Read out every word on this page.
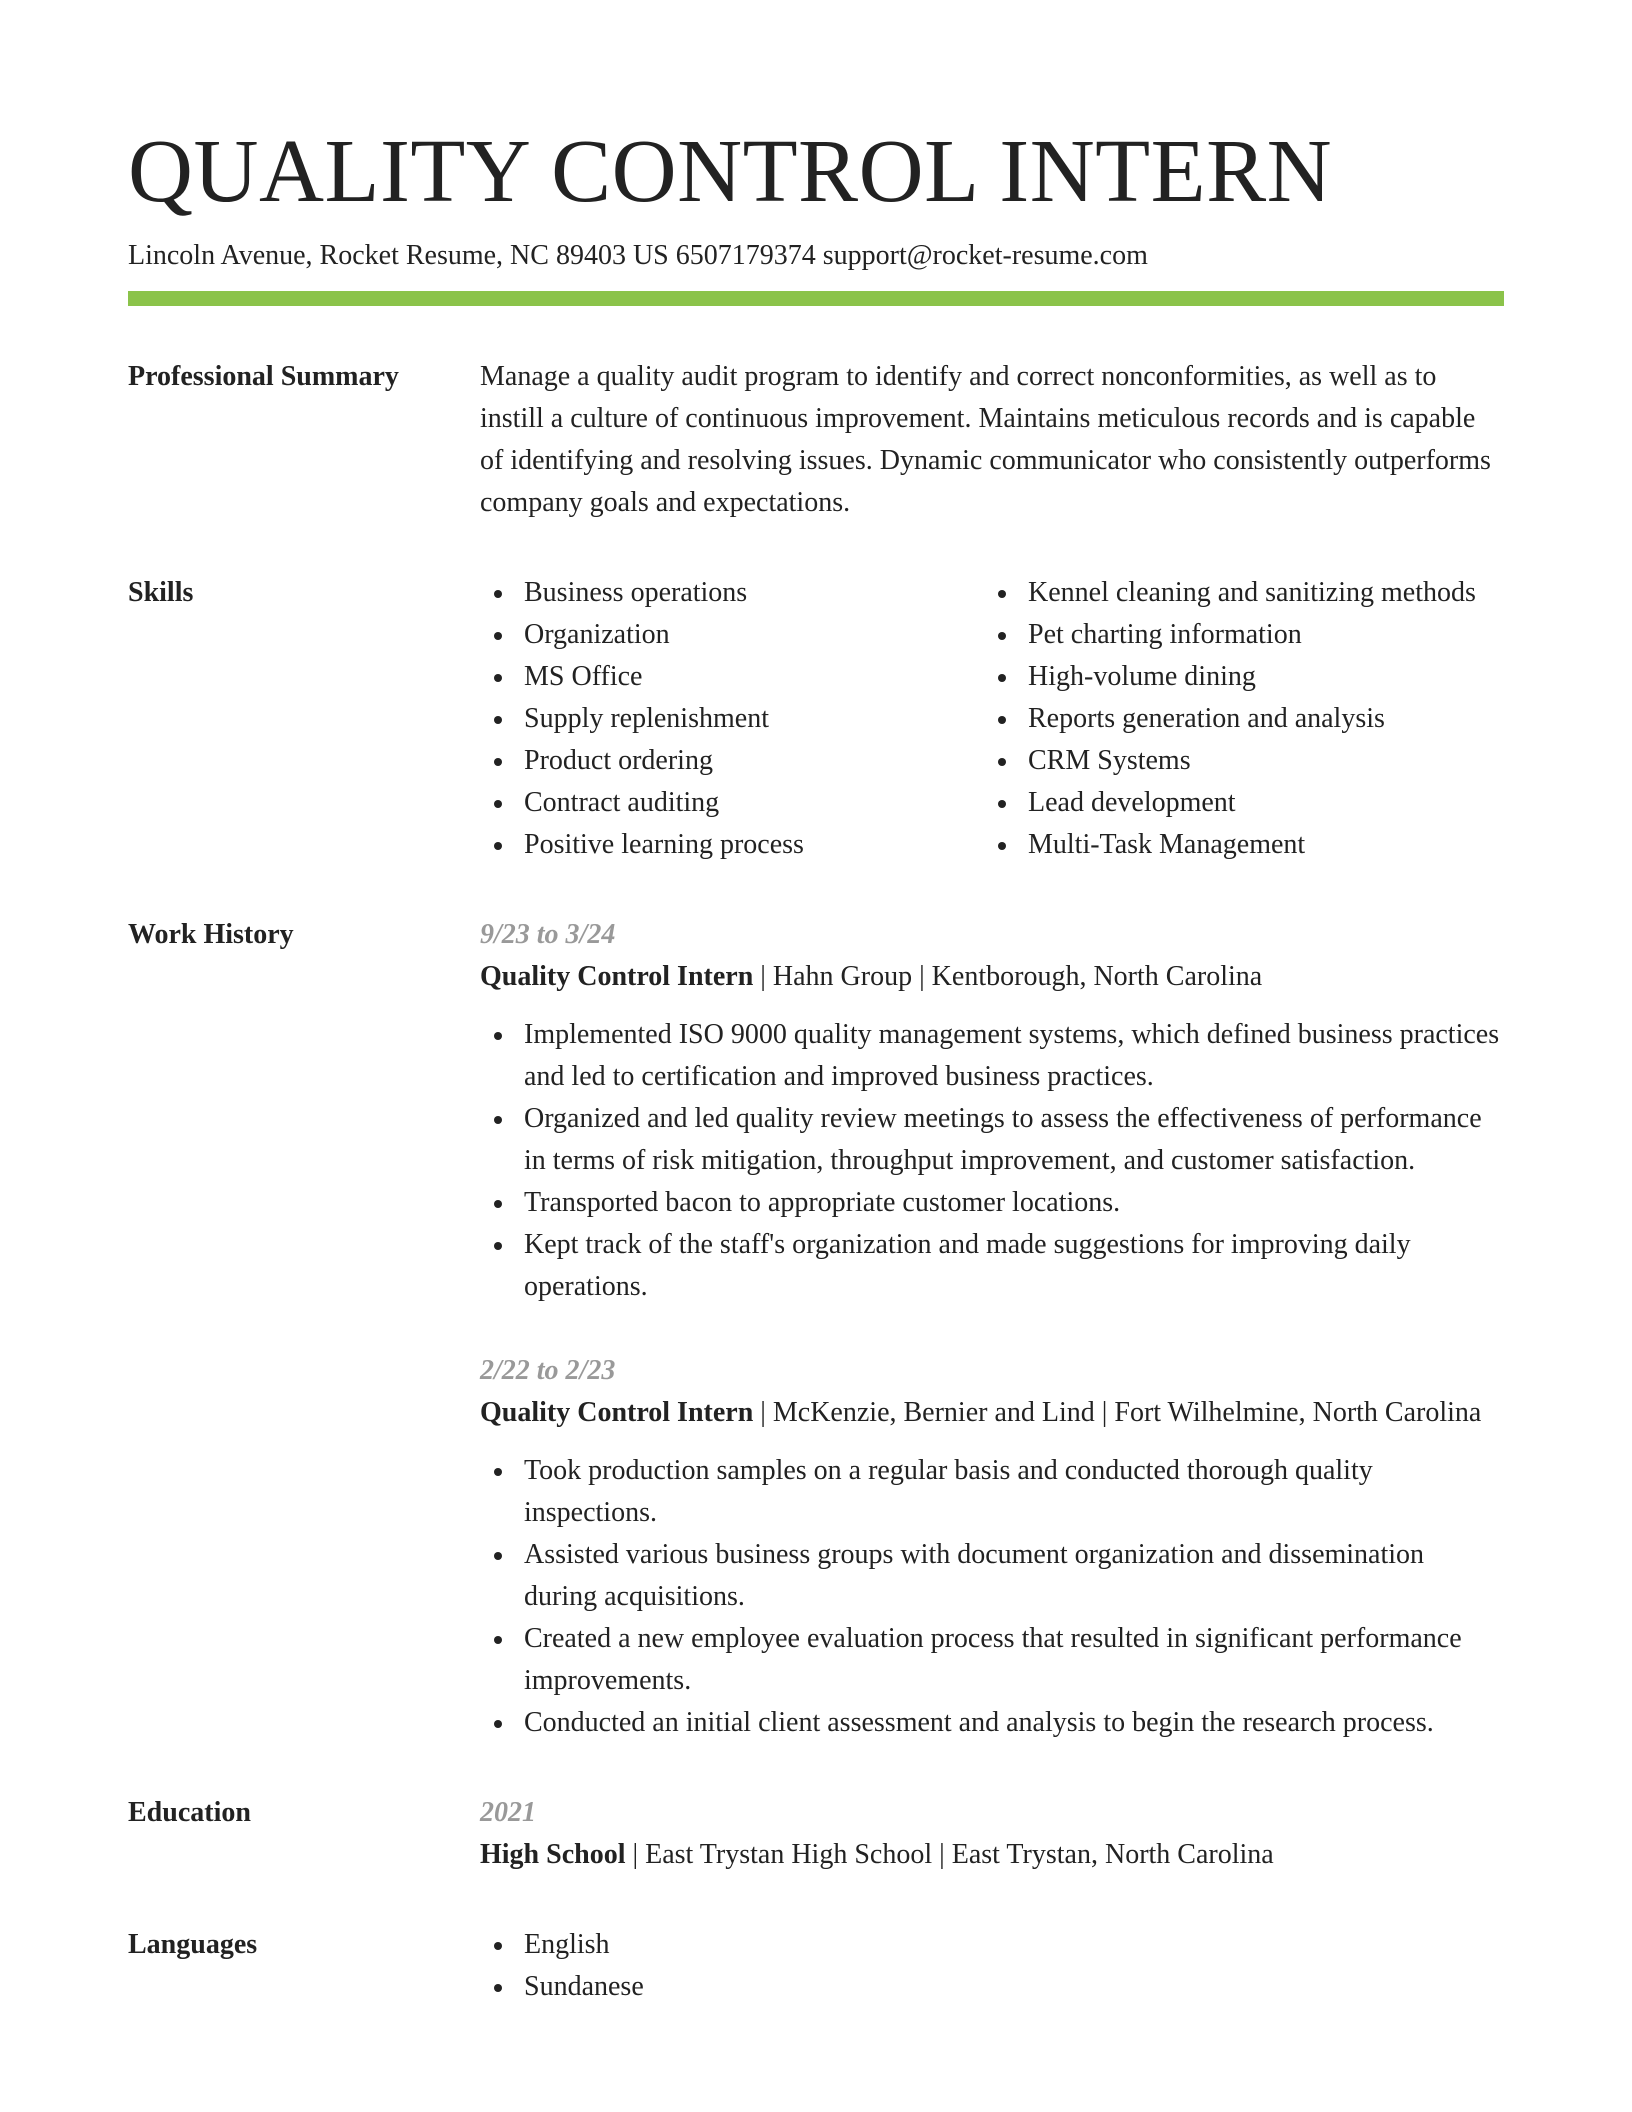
QUALITY CONTROL INTERN
Lincoln Avenue, Rocket Resume, NC 89403 US 6507179374 support@rocket-resume.com
Professional Summary	Manage a quality audit program to identify and correct nonconformities, as well as to instill a culture of continuous improvement. Maintains meticulous records and is capable of identifying and resolving issues. Dynamic communicator who consistently outperforms company goals and expectations.
Skills	Business operations
Organization
MS Office
Supply replenishment
Product ordering
Contract auditing
Positive learning process
Kennel cleaning and sanitizing methods
Pet charting information
High-volume dining
Reports generation and analysis
CRM Systems
Lead development
Multi-Task Management
Work History	9/23 to 3/24
Quality Control Intern | Hahn Group | Kentborough, North Carolina
Implemented ISO 9000 quality management systems, which defined business practices and led to certification and improved business practices.
Organized and led quality review meetings to assess the effectiveness of performance in terms of risk mitigation, throughput improvement, and customer satisfaction.
Transported bacon to appropriate customer locations.
Kept track of the staff's organization and made suggestions for improving daily operations.
2/22 to 2/23
Quality Control Intern | McKenzie, Bernier and Lind | Fort Wilhelmine, North Carolina
Took production samples on a regular basis and conducted thorough quality inspections.
Assisted various business groups with document organization and dissemination during acquisitions.
Created a new employee evaluation process that resulted in significant performance improvements.
Conducted an initial client assessment and analysis to begin the research process.
Education	2021
High School | East Trystan High School | East Trystan, North Carolina
Languages	English
Sundanese
